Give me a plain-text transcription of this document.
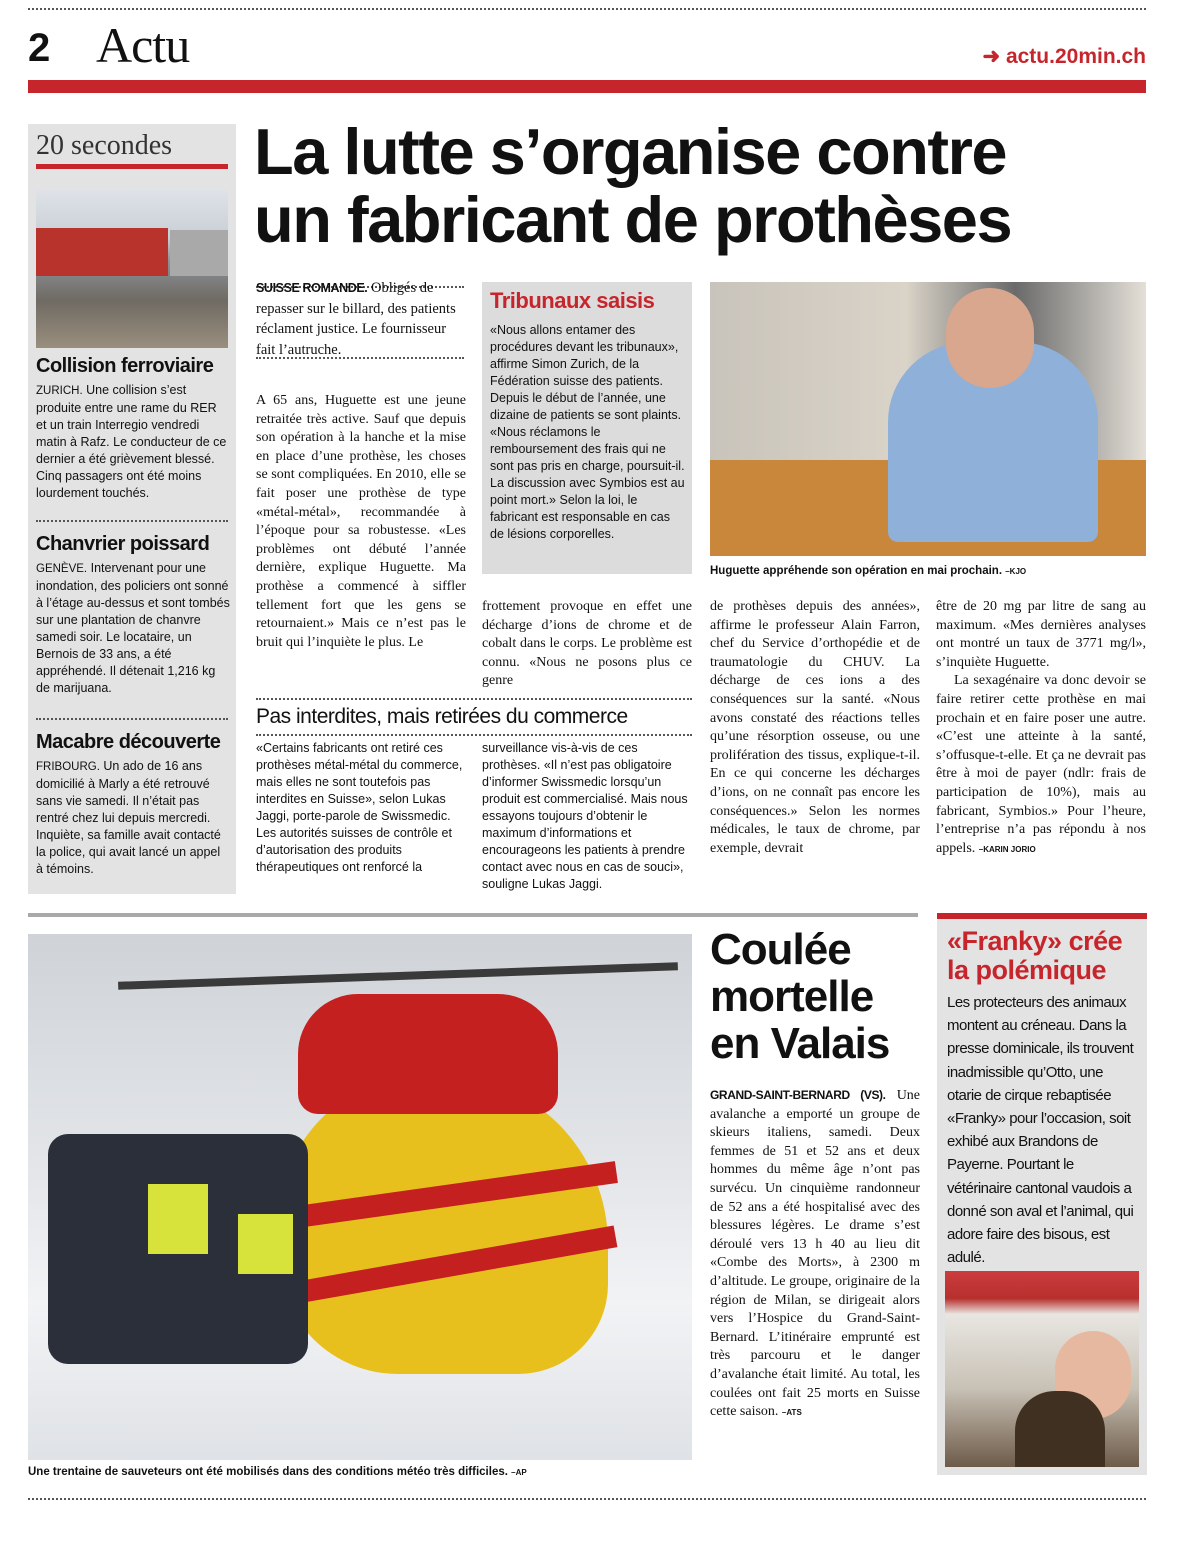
2 Actu	➜ actu.20min.ch
20 secondes
Collision ferroviaire
ZURICH. Une collision s’est produite entre une rame du RER et un train Interregio vendredi matin à Rafz. Le conducteur de ce dernier a été grièvement blessé. Cinq passagers ont été moins lourdement touchés.
Chanvrier poissard
GENÈVE. Intervenant pour une inondation, des policiers ont sonné à l’étage au-dessus et sont tombés sur une plantation de chanvre samedi soir. Le locataire, un Bernois de 33 ans, a été appréhendé. Il détenait 1,216 kg de marijuana.
Macabre découverte
FRIBOURG. Un ado de 16 ans domicilié à Marly a été retrouvé sans vie samedi. Il n’était pas rentré chez lui depuis mercredi. Inquiète, sa famille avait contacté la police, qui avait lancé un appel à témoins.
La lutte s’organise contre
un fabricant de prothèses
SUISSE ROMANDE. Obligés de repasser sur le billard, des patients réclament justice. Le fournisseur fait l’autruche.
A 65 ans, Huguette est une jeune retraitée très active. Sauf que depuis son opération à la hanche et la mise en place d’une prothèse, les choses se sont compliquées. En 2010, elle se fait poser une prothèse de type «métal-métal», recommandée à l’époque pour sa robustesse. «Les problèmes ont débuté l’année dernière, explique Huguette. Ma prothèse a commencé à siffler tellement fort que les gens se retournaient.» Mais ce n’est pas le bruit qui l’inquiète le plus. Le
Tribunaux saisis
«Nous allons entamer des procédures devant les tribunaux», affirme Simon Zurich, de la Fédération suisse des patients. Depuis le début de l’année, une dizaine de patients se sont plaints. «Nous réclamons le remboursement des frais qui ne sont pas pris en charge, poursuit-il. La discussion avec Symbios est au point mort.» Selon la loi, le fabricant est responsable en cas de lésions corporelles.
Huguette appréhende son opération en mai prochain. –KJO
frottement provoque en effet une décharge d’ions de chrome et de cobalt dans le corps. Le problème est connu. «Nous ne posons plus ce genre
Pas interdites, mais retirées du commerce
«Certains fabricants ont retiré ces prothèses métal-métal du commerce, mais elles ne sont toutefois pas interdites en Suisse», selon Lukas Jaggi, porte-parole de Swissmedic. Les autorités suisses de contrôle et d’autorisation des produits thérapeutiques ont renforcé la
surveillance vis-à-vis de ces prothèses. «Il n’est pas obligatoire d’informer Swissmedic lorsqu’un produit est commercialisé. Mais nous essayons toujours d’obtenir le maximum d’informations et encourageons les patients à prendre contact avec nous en cas de souci», souligne Lukas Jaggi.
de prothèses depuis des années», affirme le professeur Alain Farron, chef du Service d’orthopédie et de traumatologie du CHUV. La décharge de ces ions a des conséquences sur la santé. «Nous avons constaté des réactions telles qu’une résorption osseuse, ou une prolifération des tissus, explique-t-il. En ce qui concerne les décharges d’ions, on ne connaît pas encore les conséquences.» Selon les normes médicales, le taux de chrome, par exemple, devrait
être de 20 mg par litre de sang au maximum. «Mes dernières analyses ont montré un taux de 3771 mg/l», s’inquiète Huguette.
La sexagénaire va donc devoir se faire retirer cette prothèse en mai prochain et en faire poser une autre. «C’est une atteinte à la santé, s’offusque-t-elle. Et ça ne devrait pas être à moi de payer (ndlr: frais de participation de 10%), mais au fabricant, Symbios.» Pour l’heure, l’entreprise n’a pas répondu à nos appels. –KARIN JORIO
Une trentaine de sauveteurs ont été mobilisés dans des conditions météo très difficiles. –AP
Coulée
mortelle
en Valais
GRAND-SAINT-BERNARD (VS). Une avalanche a emporté un groupe de skieurs italiens, samedi. Deux femmes de 51 et 52 ans et deux hommes du même âge n’ont pas survécu. Un cinquième randonneur de 52 ans a été hospitalisé avec des blessures légères. Le drame s’est déroulé vers 13 h 40 au lieu dit «Combe des Morts», à 2300 m d’altitude. Le groupe, originaire de la région de Milan, se dirigeait alors vers l’Hospice du Grand-Saint-Bernard. L’itinéraire emprunté est très parcouru et le danger d’avalanche était limité. Au total, les coulées ont fait 25 morts en Suisse cette saison. –ATS
«Franky» crée
la polémique
Les protecteurs des animaux montent au créneau. Dans la presse dominicale, ils trouvent inadmissible qu’Otto, une otarie de cirque rebaptisée «Franky» pour l’occasion, soit exhibé aux Brandons de Payerne. Pourtant le vétérinaire cantonal vaudois a donné son aval et l’animal, qui adore faire des bisous, est adulé.
